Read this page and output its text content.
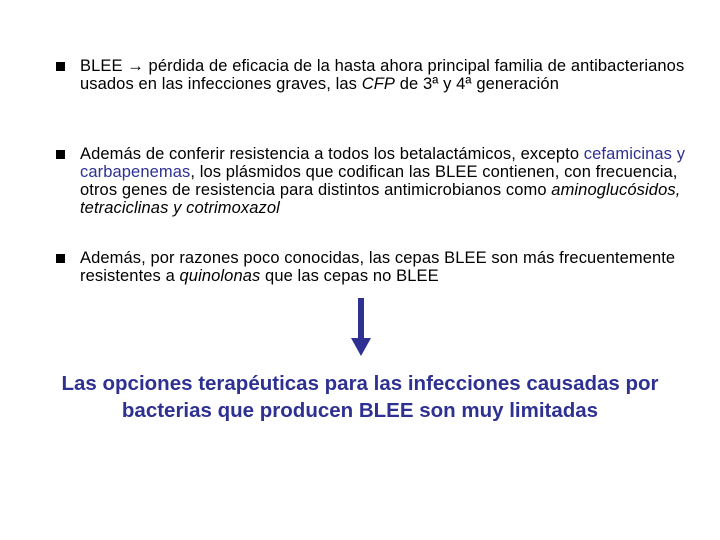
BLEE → pérdida de eficacia de la hasta ahora principal familia de antibacterianos usados en las infecciones graves, las CFP de 3ª y 4ª generación
Además de conferir resistencia a todos los betalactámicos, excepto cefamicinas y carbapenemas, los plásmidos que codifican las BLEE contienen, con frecuencia, otros genes de resistencia para distintos antimicrobianos como aminoglucósidos, tetraciclinas y cotrimoxazol
Además, por razones poco conocidas, las cepas BLEE son más frecuentemente resistentes a quinolonas que las cepas no BLEE
Las opciones terapéuticas para las infecciones causadas por bacterias que producen BLEE son muy limitadas
